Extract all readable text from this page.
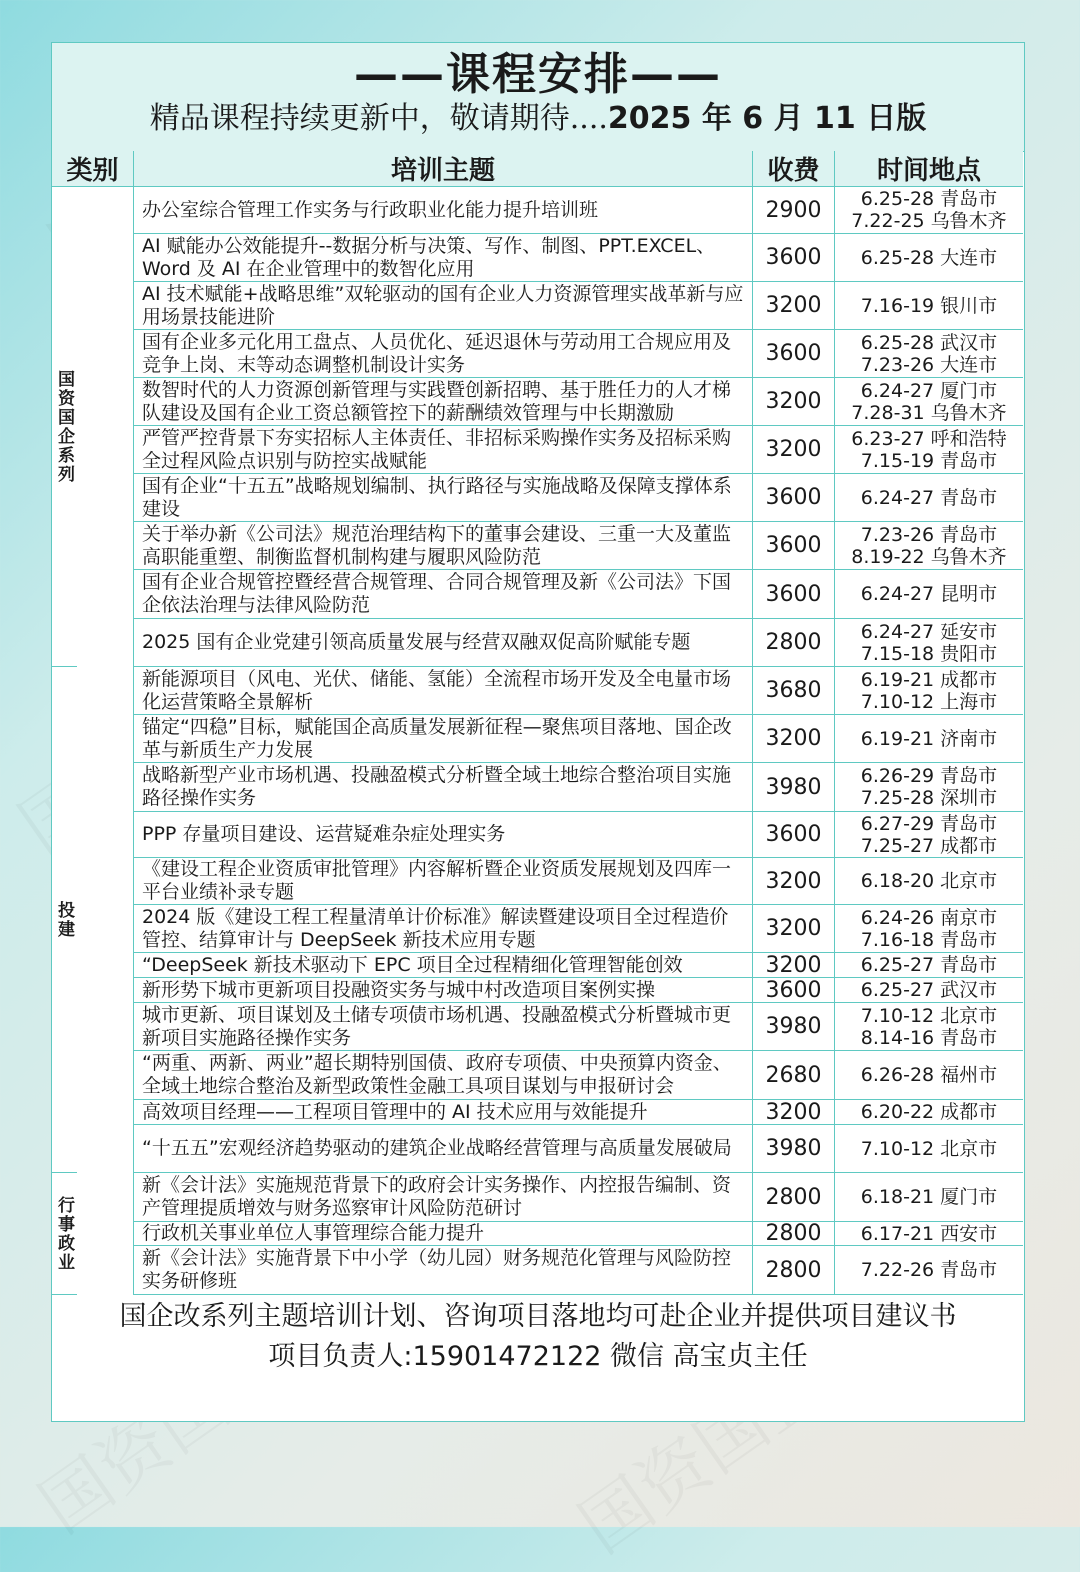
——课程安排——
精品课程持续更新中，敬请期待....2025 年 6 月 11 日版
类别	培训主题	收费	时间地点
国资国企系列
投建
行事政业
办公室综合管理工作实务与行政职业化能力提升培训班	2900	6.25-28 青岛市
7.22-25 乌鲁木齐
AI 赋能办公效能提升--数据分析与决策、写作、制图、PPT.EXCEL、Word 及 AI 在企业管理中的数智化应用	3600	6.25-28 大连市
AI 技术赋能+战略思维”双轮驱动的国有企业人力资源管理实战革新与应用场景技能进阶	3200	7.16-19 银川市
国有企业多元化用工盘点、人员优化、延迟退休与劳动用工合规应用及竞争上岗、末等动态调整机制设计实务	3600	6.25-28 武汉市
7.23-26 大连市
数智时代的人力资源创新管理与实践暨创新招聘、基于胜任力的人才梯队建设及国有企业工资总额管控下的薪酬绩效管理与中长期激励	3200	6.24-27 厦门市
7.28-31 乌鲁木齐
严管严控背景下夯实招标人主体责任、非招标采购操作实务及招标采购全过程风险点识别与防控实战赋能	3200	6.23-27 呼和浩特
7.15-19 青岛市
国有企业“十五五”战略规划编制、执行路径与实施战略及保障支撑体系建设	3600	6.24-27 青岛市
关于举办新《公司法》规范治理结构下的董事会建设、三重一大及董监高职能重塑、制衡监督机制构建与履职风险防范	3600	7.23-26 青岛市
8.19-22 乌鲁木齐
国有企业合规管控暨经营合规管理、合同合规管理及新《公司法》下国企依法治理与法律风险防范	3600	6.24-27 昆明市
2025 国有企业党建引领高质量发展与经营双融双促高阶赋能专题	2800	6.24-27 延安市
7.15-18 贵阳市
新能源项目（风电、光伏、储能、氢能）全流程市场开发及全电量市场化运营策略全景解析	3680	6.19-21 成都市
7.10-12 上海市
锚定“四稳”目标，赋能国企高质量发展新征程—聚焦项目落地、国企改革与新质生产力发展	3200	6.19-21 济南市
战略新型产业市场机遇、投融盈模式分析暨全域土地综合整治项目实施路径操作实务	3980	6.26-29 青岛市
7.25-28 深圳市
PPP 存量项目建设、运营疑难杂症处理实务	3600	6.27-29 青岛市
7.25-27 成都市
《建设工程企业资质审批管理》内容解析暨企业资质发展规划及四库一平台业绩补录专题	3200	6.18-20 北京市
2024 版《建设工程工程量清单计价标准》解读暨建设项目全过程造价管控、结算审计与 DeepSeek 新技术应用专题	3200	6.24-26 南京市
7.16-18 青岛市
“DeepSeek 新技术驱动下 EPC 项目全过程精细化管理智能创效	3200	6.25-27 青岛市
新形势下城市更新项目投融资实务与城中村改造项目案例实操	3600	6.25-27 武汉市
城市更新、项目谋划及土储专项债市场机遇、投融盈模式分析暨城市更新项目实施路径操作实务	3980	7.10-12 北京市
8.14-16 青岛市
“两重、两新、两业”超长期特别国债、政府专项债、中央预算内资金、全域土地综合整治及新型政策性金融工具项目谋划与申报研讨会	2680	6.26-28 福州市
高效项目经理——工程项目管理中的 AI 技术应用与效能提升	3200	6.20-22 成都市
“十五五”宏观经济趋势驱动的建筑企业战略经营管理与高质量发展破局	3980	7.10-12 北京市
新《会计法》实施规范背景下的政府会计实务操作、内控报告编制、资产管理提质增效与财务巡察审计风险防范研讨	2800	6.18-21 厦门市
行政机关事业单位人事管理综合能力提升	2800	6.17-21 西安市
新《会计法》实施背景下中小学（幼儿园）财务规范化管理与风险防控实务研修班	2800	7.22-26 青岛市
国企改系列主题培训计划、咨询项目落地均可赴企业并提供项目建议书
项目负责人:15901472122 微信 高宝贞主任
